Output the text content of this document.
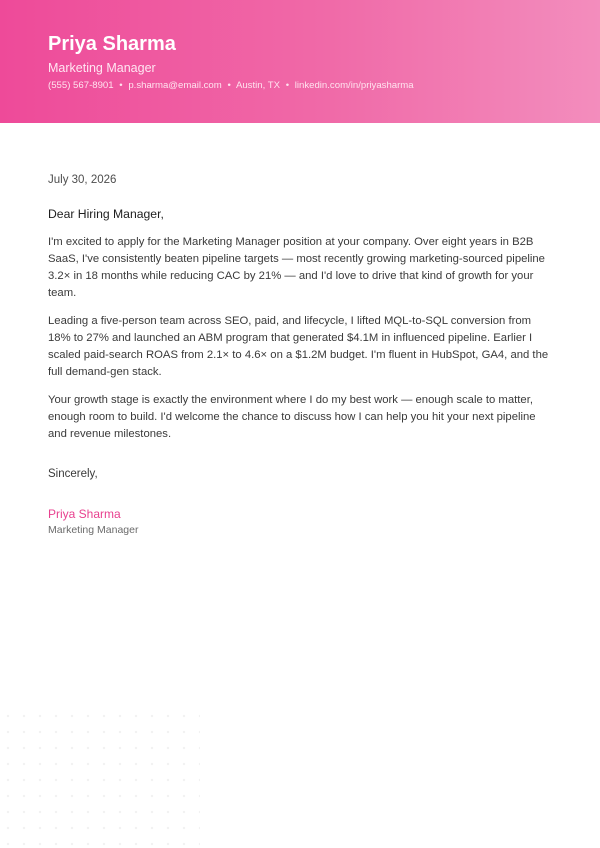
Priya Sharma
Marketing Manager
(555) 567-8901 • p.sharma@email.com • Austin, TX • linkedin.com/in/priyasharma
July 30, 2026
Dear Hiring Manager,

I'm excited to apply for the Marketing Manager position at your company. Over eight years in B2B SaaS, I've consistently beaten pipeline targets — most recently growing marketing-sourced pipeline 3.2× in 18 months while reducing CAC by 21% — and I'd love to drive that kind of growth for your team.

Leading a five-person team across SEO, paid, and lifecycle, I lifted MQL-to-SQL conversion from 18% to 27% and launched an ABM program that generated $4.1M in influenced pipeline. Earlier I scaled paid-search ROAS from 2.1× to 4.6× on a $1.2M budget. I'm fluent in HubSpot, GA4, and the full demand-gen stack.

Your growth stage is exactly the environment where I do my best work — enough scale to matter, enough room to build. I'd welcome the chance to discuss how I can help you hit your next pipeline and revenue milestones.

Sincerely,
Priya Sharma
Marketing Manager
